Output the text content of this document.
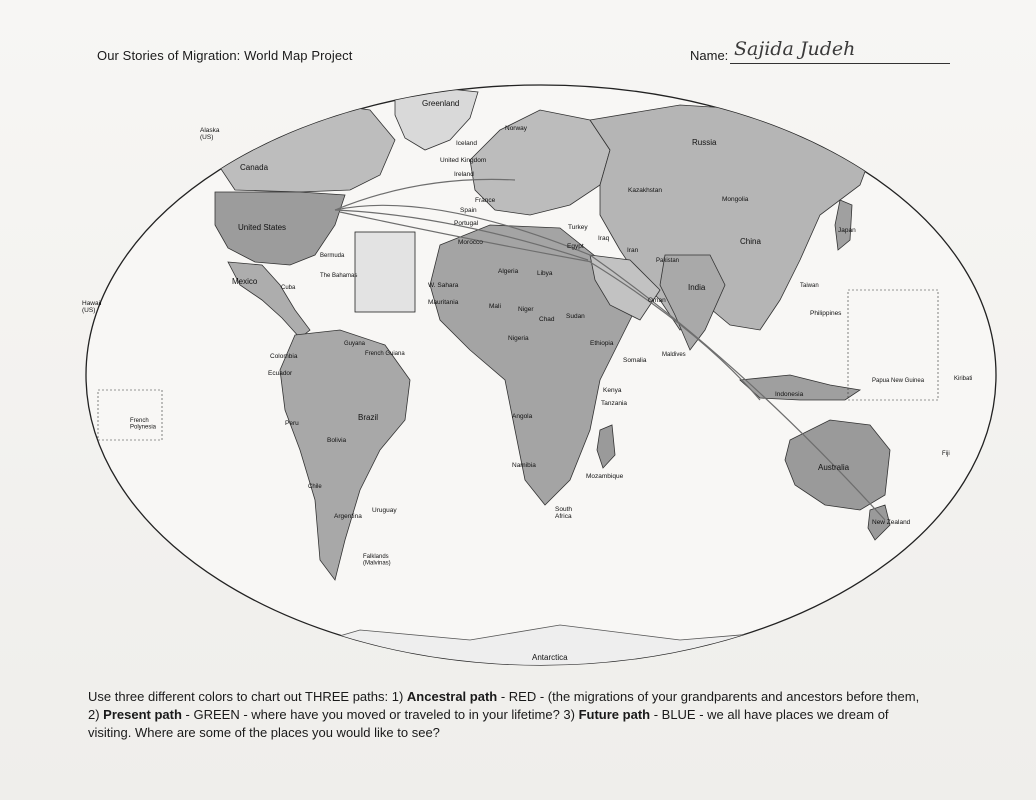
Our Stories of Migration: World Map Project	Name: Sajida Judeh
Greenland
Alaska (US)
Canada
United States
Mexico
The Bahamas
Cuba
Bermuda
Hawaii (US)
Colombia
Ecuador
Peru
Brazil
Bolivia
Chile
Argentina
Uruguay
Guyana
French Guiana
Falklands (Malvinas)
Iceland
Norway
United Kingdom
Ireland
France
Spain
Portugal
Morocco
W. Sahara
Mauritania
Algeria	Libya
Mali	Niger
Chad Sudan
Nigeria
Ethiopia
Somalia
Kenya
Tanzania
Angola
Namibia
Mozambique
South Africa
Egypt
Turkey
Russia
Kazakhstan
Mongolia
China
Japan
India
Pakistan
Iran
Iraq
Oman
Philippines
Indonesia
Australia
New Zealand
Antarctica
Papua New Guinea
Taiwan
Maldives
French Polynesia
Kiribati
Fiji
Use three different colors to chart out THREE paths: 1) Ancestral path - RED - (the migrations of your grandparents and ancestors before them,
2) Present path - GREEN - where have you moved or traveled to in your lifetime? 3) Future path - BLUE - we all have places we dream of
visiting. Where are some of the places you would like to see?
